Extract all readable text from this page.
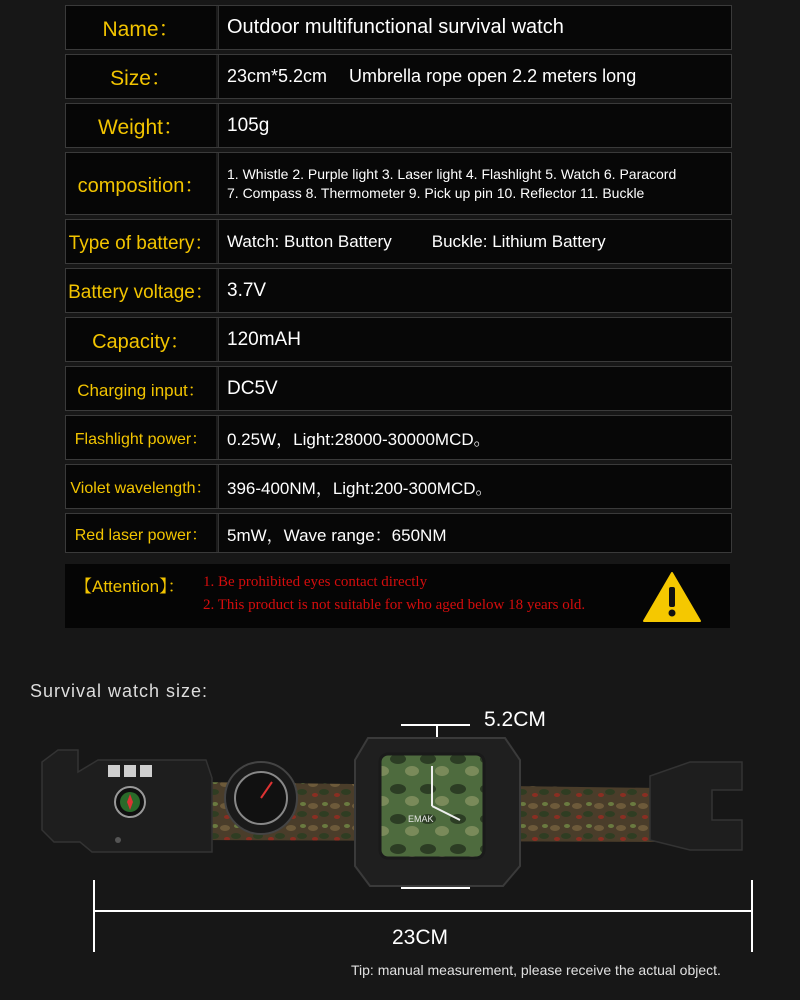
Name：	Outdoor multifunctional survival watch
Size：	23cm*5.2cm Umbrella rope open 2.2 meters long
Weight：	105g
composition：
1. Whistle 2. Purple light 3. Laser light 4. Flashlight 5. Watch 6. Paracord
7. Compass 8. Thermometer 9. Pick up pin 10. Reflector 11. Buckle
Type of battery： Watch: Button Battery Buckle: Lithium Battery
Battery voltage： 3.7V
Capacity：	120mAH
Charging input：	DC5V
Flashlight power：	0.25W，Light:28000-30000MCD。
Violet wavelength： 396-400NM，Light:200-300MCD。
Red laser power：	5mW，Wave range：650NM
【Attention】： 1. Be prohibited eyes contact directly
2. This product is not suitable for who aged below 18 years old.
Survival watch size:
5.2CM
23CM
Tip: manual measurement, please receive the actual object.
EMAK
